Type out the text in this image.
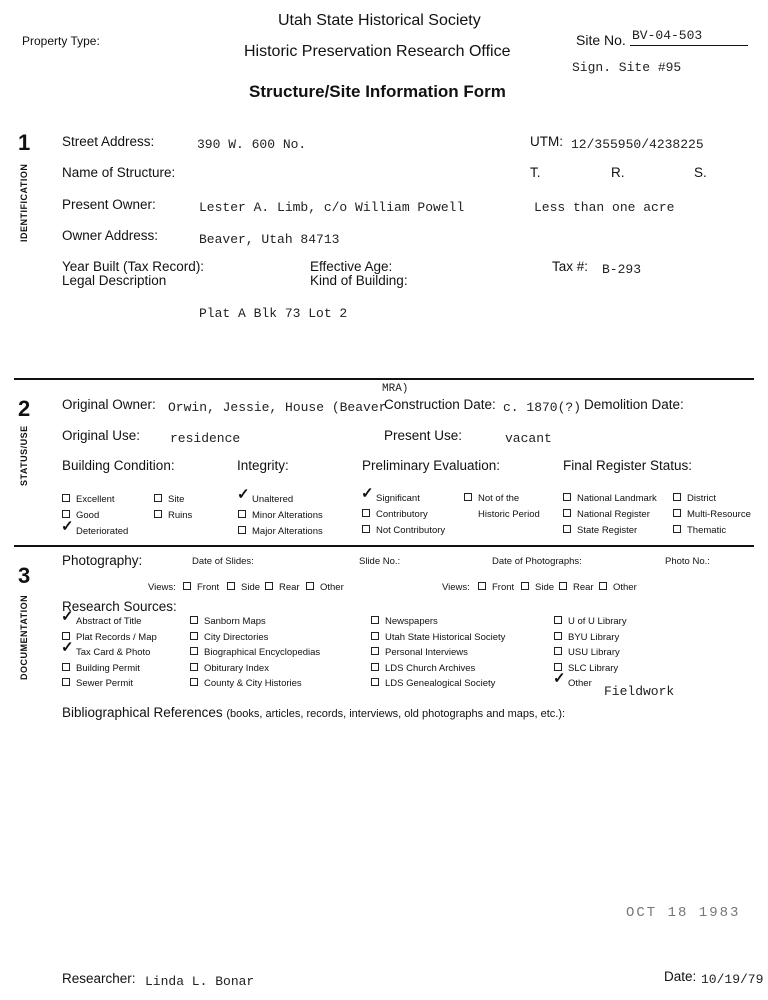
Utah State Historical Society
Property Type:
Historic Preservation Research Office
Site No. BV-04-503
Sign. Site #95
Structure/Site Information Form
1
IDENTIFICATION
Street Address:	390 W. 600 No.	UTM: 12/355950/4238225
Name of Structure:	T.	R.	S.
Present Owner:	Lester A. Limb, c/o William Powell	Less than one acre
Owner Address:	Beaver, Utah 84713
Year Built (Tax Record):
Legal Description
Effective Age:
Kind of Building:
Tax #: B-293
Plat A Blk 73 Lot 2
2
STATUS/USE
MRA)
Original Owner: Orwin, Jessie, House (Beaver
Construction Date: c. 1870(?) Demolition Date:
Original Use: residence	Present Use:	vacant
Building Condition:	Integrity:	Preliminary Evaluation:	Final Register Status:
Excellent	Site
Good	Ruins
✓ Deteriorated
✓ Unaltered
Minor Alterations
Major Alterations
✓ Significant
Contributory
Not Contributory
Not of the
Historic Period
National Landmark	District
National Register	Multi-Resource
State Register	Thematic
3
DOCUMENTATION
Photography:	Date of Slides:	Slide No.:	Date of Photographs:	Photo No.:
Views:	Front	Side	Rear	Other	Views:	Front	Side	Rear	Other
Research Sources:
✓ Abstract of Title
Plat Records / Map
✓ Tax Card & Photo
Building Permit
Sewer Permit
Sanborn Maps
City Directories
Biographical Encyclopedias
Obiturary Index
County & City Histories
Newspapers
Utah State Historical Society
Personal Interviews
LDS Church Archives
LDS Genealogical Society
U of U Library
BYU Library
USU Library
SLC Library
✓ Other
Fieldwork
Bibliographical References (books, articles, records, interviews, old photographs and maps, etc.):
OCT 18 1983
Researcher: Linda L. Bonar	Date: 10/19/79
